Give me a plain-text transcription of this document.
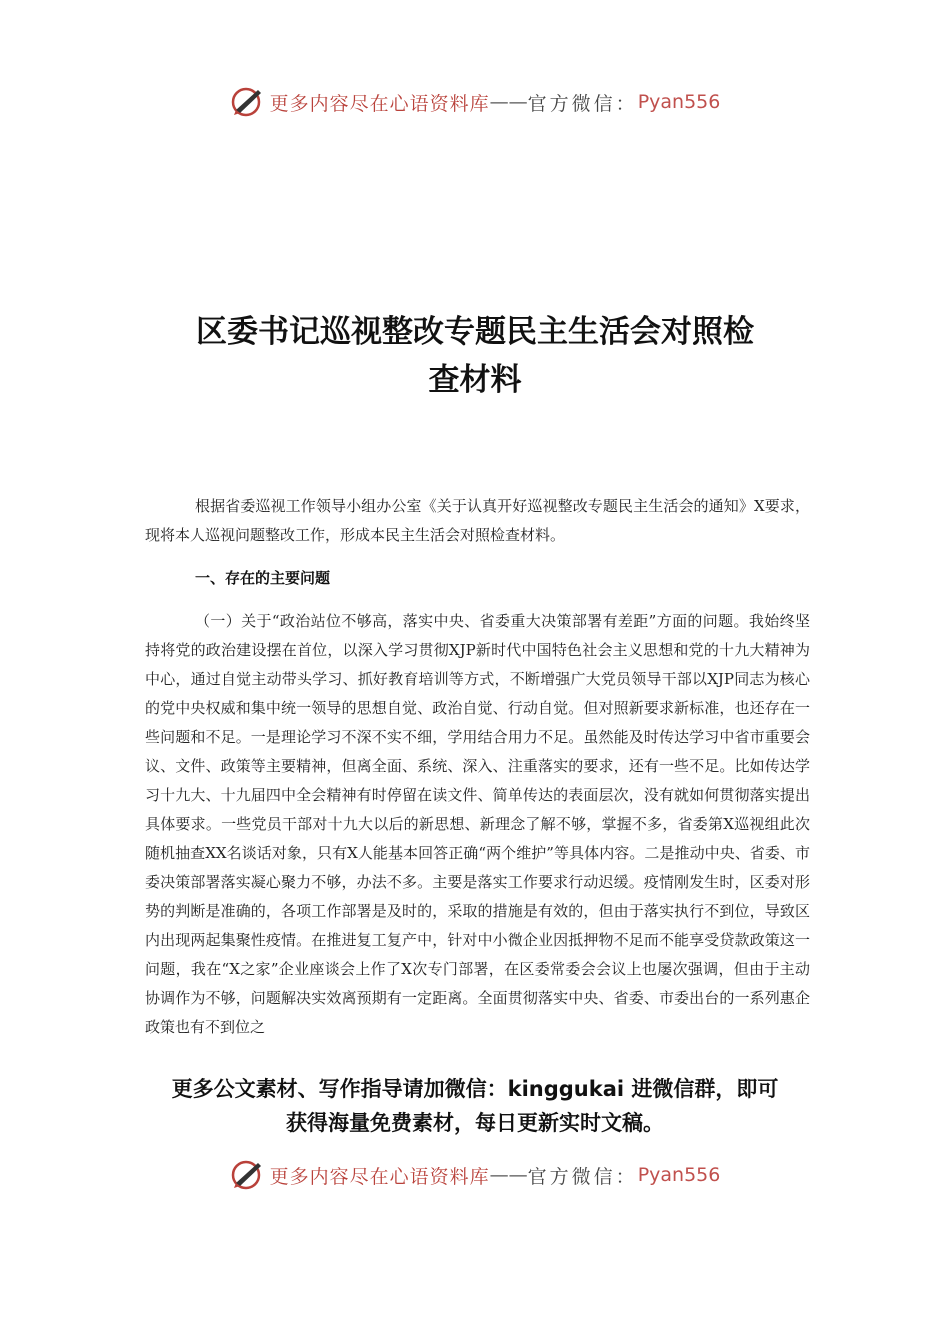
更多内容尽在心语资料库 —— 官方微信： Pyan556
区委书记巡视整改专题民主生活会对照检
查材料
根据省委巡视工作领导小组办公室《关于认真开好巡视整改专题民主生活会的通知》X要求，现将本人巡视问题整改工作，形成本民主生活会对照检查材料。
一、存在的主要问题
（一）关于“政治站位不够高，落实中央、省委重大决策部署有差距”方面的问题。我始终坚持将党的政治建设摆在首位，以深入学习贯彻XJP新时代中国特色社会主义思想和党的十九大精神为中心，通过自觉主动带头学习、抓好教育培训等方式，不断增强广大党员领导干部以XJP同志为核心的党中央权威和集中统一领导的思想自觉、政治自觉、行动自觉。但对照新要求新标准，也还存在一些问题和不足。一是理论学习不深不实不细，学用结合用力不足。虽然能及时传达学习中省市重要会议、文件、政策等主要精神，但离全面、系统、深入、注重落实的要求，还有一些不足。比如传达学习十九大、十九届四中全会精神有时停留在读文件、简单传达的表面层次，没有就如何贯彻落实提出具体要求。一些党员干部对十九大以后的新思想、新理念了解不够，掌握不多，省委第X巡视组此次随机抽查XX名谈话对象，只有X人能基本回答正确“两个维护”等具体内容。二是推动中央、省委、市委决策部署落实凝心聚力不够，办法不多。主要是落实工作要求行动迟缓。疫情刚发生时，区委对形势的判断是准确的，各项工作部署是及时的，采取的措施是有效的，但由于落实执行不到位，导致区内出现两起集聚性疫情。在推进复工复产中，针对中小微企业因抵押物不足而不能享受贷款政策这一问题，我在“X之家”企业座谈会上作了X次专门部署，在区委常委会会议上也屡次强调，但由于主动协调作为不够，问题解决实效离预期有一定距离。全面贯彻落实中央、省委、市委出台的一系列惠企政策也有不到位之
更多公文素材、写作指导请加微信：kinggukai 进微信群，即可
获得海量免费素材，每日更新实时文稿。
更多内容尽在心语资料库 —— 官方微信： Pyan556
